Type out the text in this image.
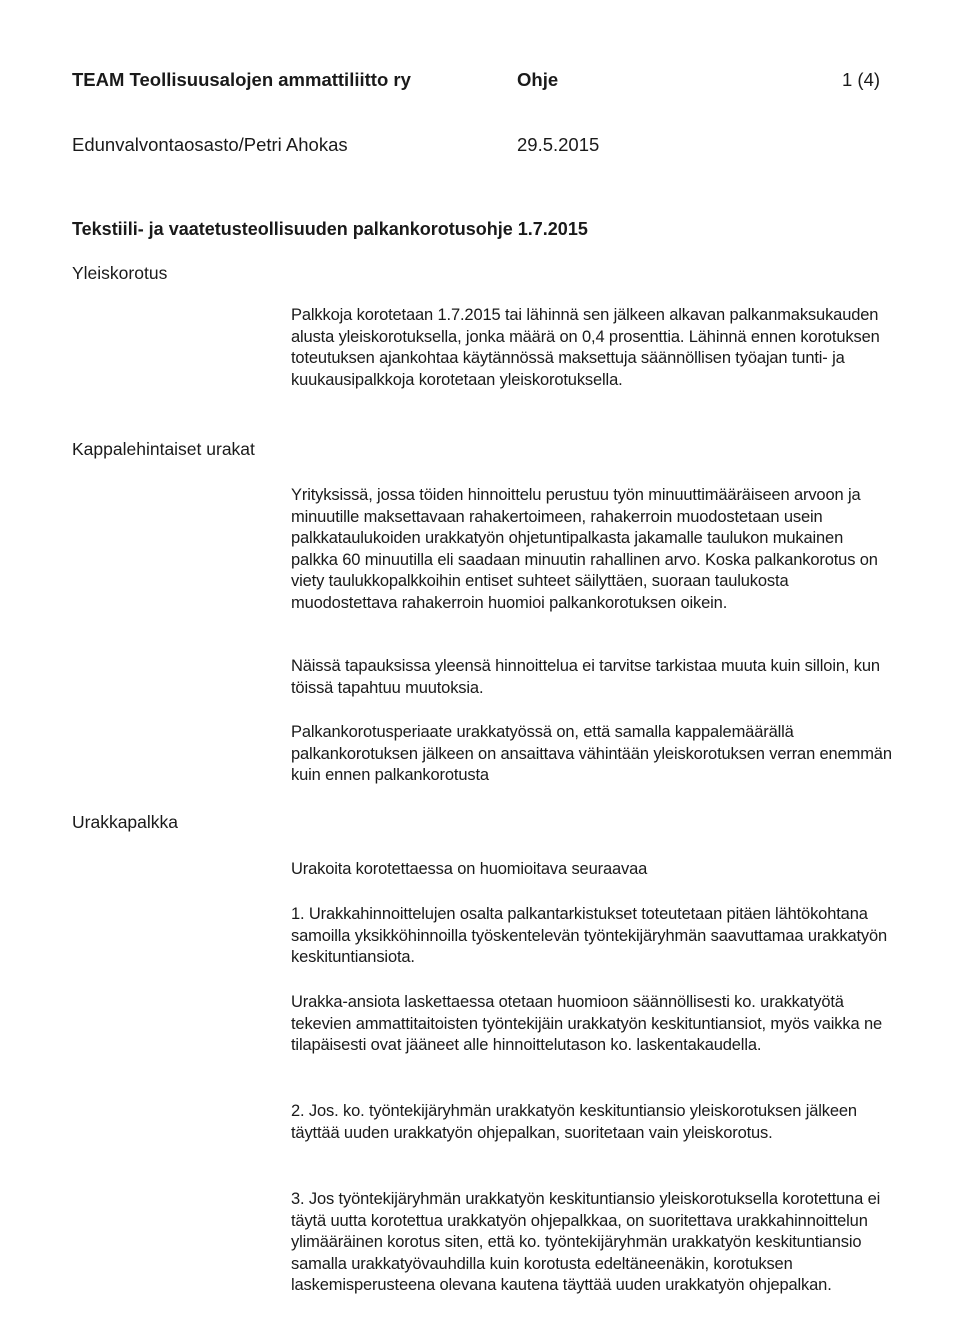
TEAM Teollisuusalojen ammattiliitto ry	Ohje	1 (4)
Edunvalvontaosasto/Petri Ahokas	29.5.2015
Tekstiili- ja vaatetusteollisuuden palkankorotusohje 1.7.2015
Yleiskorotus

Palkkoja korotetaan 1.7.2015 tai lähinnä sen jälkeen alkavan palkanmaksukauden alusta yleiskorotuksella, jonka määrä on 0,4 prosenttia. Lähinnä ennen korotuksen toteutuksen ajankohtaa käytännössä maksettuja säännöllisen työajan tunti- ja kuukausipalkkoja korotetaan yleiskorotuksella.

Kappalehintaiset urakat

Yrityksissä, jossa töiden hinnoittelu perustuu työn minuuttimääräiseen arvoon ja minuutille maksettavaan rahakertoimeen, rahakerroin muodostetaan usein palkkataulukoiden urakkatyön ohjetuntipalkasta jakamalle taulukon mukainen palkka 60 minuutilla eli saadaan minuutin rahallinen arvo. Koska palkankorotus on viety taulukkopalkkoihin entiset suhteet säilyttäen, suoraan taulukosta muodostettava rahakerroin huomioi palkankorotuksen oikein.

Näissä tapauksissa yleensä hinnoittelua ei tarvitse tarkistaa muuta kuin silloin, kun töissä tapahtuu muutoksia.

Palkankorotusperiaate urakkatyössä on, että samalla kappalemäärällä palkankorotuksen jälkeen on ansaittava vähintään yleiskorotuksen verran enemmän kuin ennen palkankorotusta

Urakkapalkka

Urakoita korotettaessa on huomioitava seuraavaa

1. Urakkahinnoittelujen osalta palkantarkistukset toteutetaan pitäen lähtökohtana samoilla yksikköhinnoilla työskentelevän työntekijäryhmän saavuttamaa urakkatyön keskituntiansiota.

Urakka-ansiota laskettaessa otetaan huomioon säännöllisesti ko. urakkatyötä tekevien ammattitaitoisten työntekijäin urakkatyön keskituntiansiot, myös vaikka ne tilapäisesti ovat jääneet alle hinnoittelutason ko. laskentakaudella.

2. Jos. ko. työntekijäryhmän urakkatyön keskituntiansio yleiskorotuksen jälkeen täyttää uuden urakkatyön ohjepalkan, suoritetaan vain yleiskorotus.

3. Jos työntekijäryhmän urakkatyön keskituntiansio yleiskorotuksella korotettuna ei täytä uutta korotettua urakkatyön ohjepalkkaa, on suoritettava urakkahinnoittelun ylimääräinen korotus siten, että ko. työntekijäryhmän urakkatyön keskituntiansio samalla urakkatyövauhdilla kuin korotusta edeltäneenäkin, korotuksen laskemisperusteena olevana kautena täyttää uuden urakkatyön ohjepalkan.
